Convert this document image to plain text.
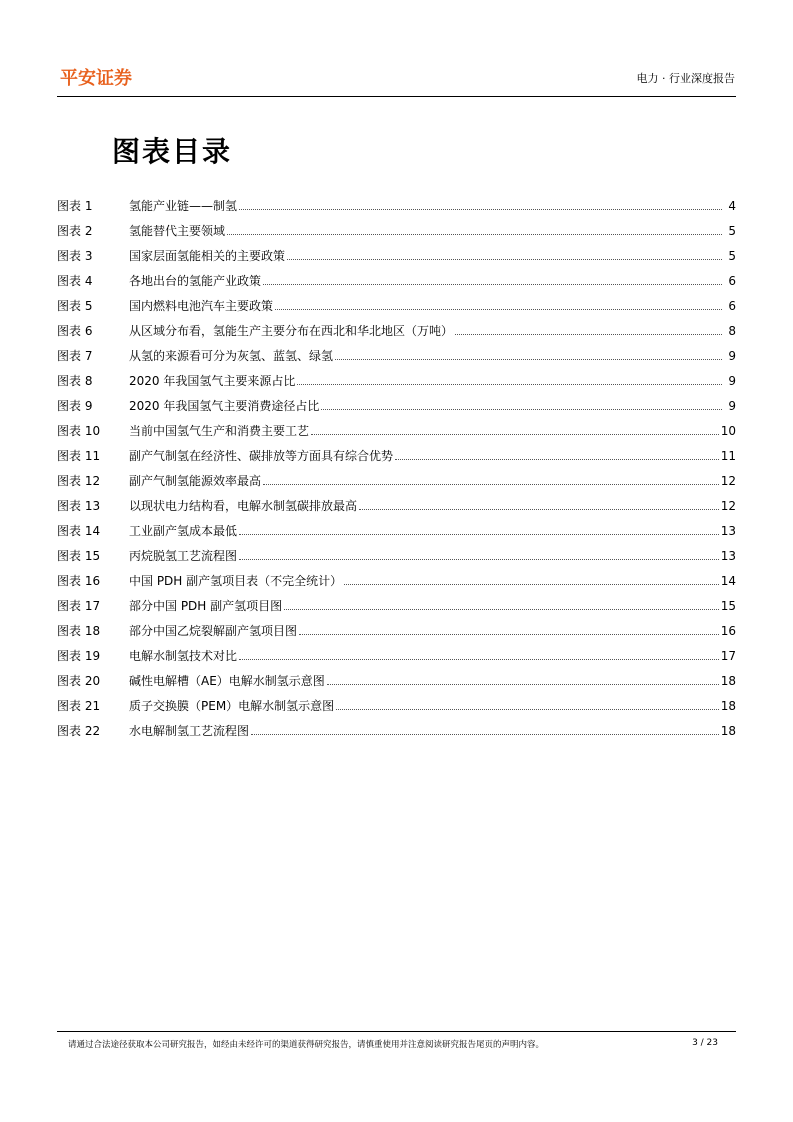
平安证券	电力 · 行业深度报告
图表目录
图表 1	氢能产业链——制氢	4
图表 2	氢能替代主要领域	5
图表 3	国家层面氢能相关的主要政策	5
图表 4	各地出台的氢能产业政策	6
图表 5	国内燃料电池汽车主要政策	6
图表 6	从区域分布看，氢能生产主要分布在西北和华北地区（万吨）	8
图表 7	从氢的来源看可分为灰氢、蓝氢、绿氢	9
图表 8	2020 年我国氢气主要来源占比	9
图表 9	2020 年我国氢气主要消费途径占比	9
图表 10	当前中国氢气生产和消费主要工艺	10
图表 11	副产气制氢在经济性、碳排放等方面具有综合优势	11
图表 12	副产气制氢能源效率最高	12
图表 13	以现状电力结构看，电解水制氢碳排放最高	12
图表 14	工业副产氢成本最低	13
图表 15	丙烷脱氢工艺流程图	13
图表 16	中国 PDH 副产氢项目表（不完全统计）	14
图表 17	部分中国 PDH 副产氢项目图	15
图表 18	部分中国乙烷裂解副产氢项目图	16
图表 19	电解水制氢技术对比	17
图表 20	碱性电解槽（AE）电解水制氢示意图	18
图表 21	质子交换膜（PEM）电解水制氢示意图	18
图表 22	水电解制氢工艺流程图	18
请通过合法途径获取本公司研究报告，如经由未经许可的渠道获得研究报告，请慎重使用并注意阅读研究报告尾页的声明内容。	3 / 23
